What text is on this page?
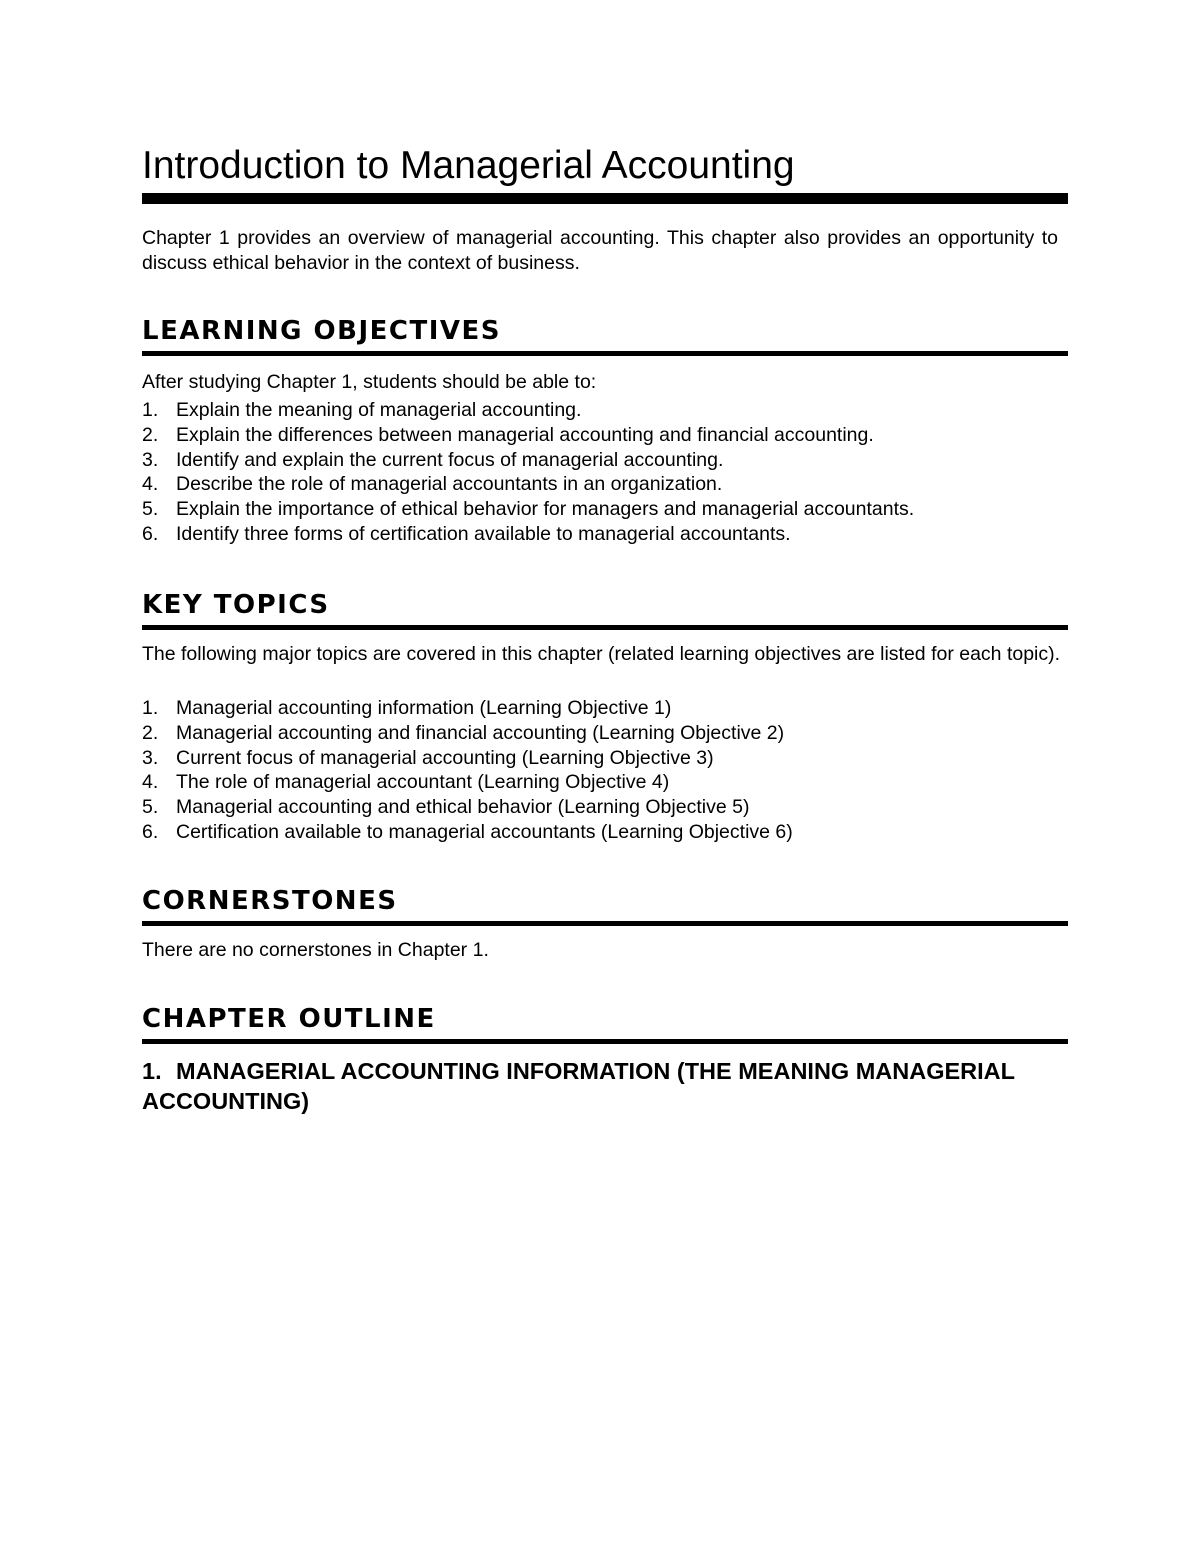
Introduction to Managerial Accounting

Chapter 1 provides an overview of managerial accounting. This chapter also provides an opportunity to discuss ethical behavior in the context of business.

LEARNING OBJECTIVES

After studying Chapter 1, students should be able to:

1. Explain the meaning of managerial accounting.
2. Explain the differences between managerial accounting and financial accounting.
3. Identify and explain the current focus of managerial accounting.
4. Describe the role of managerial accountants in an organization.
5. Explain the importance of ethical behavior for managers and managerial accountants.
6. Identify three forms of certification available to managerial accountants.
KEY TOPICS

The following major topics are covered in this chapter (related learning objectives are listed for each topic).

1. Managerial accounting information (Learning Objective 1)
2. Managerial accounting and financial accounting (Learning Objective 2)
3. Current focus of managerial accounting (Learning Objective 3)
4. The role of managerial accountant (Learning Objective 4)
5. Managerial accounting and ethical behavior (Learning Objective 5)
6. Certification available to managerial accountants (Learning Objective 6)
CORNERSTONES

There are no cornerstones in Chapter 1.

CHAPTER OUTLINE
1. MANAGERIAL ACCOUNTING INFORMATION (THE MEANING MANAGERIAL ACCOUNTING)
